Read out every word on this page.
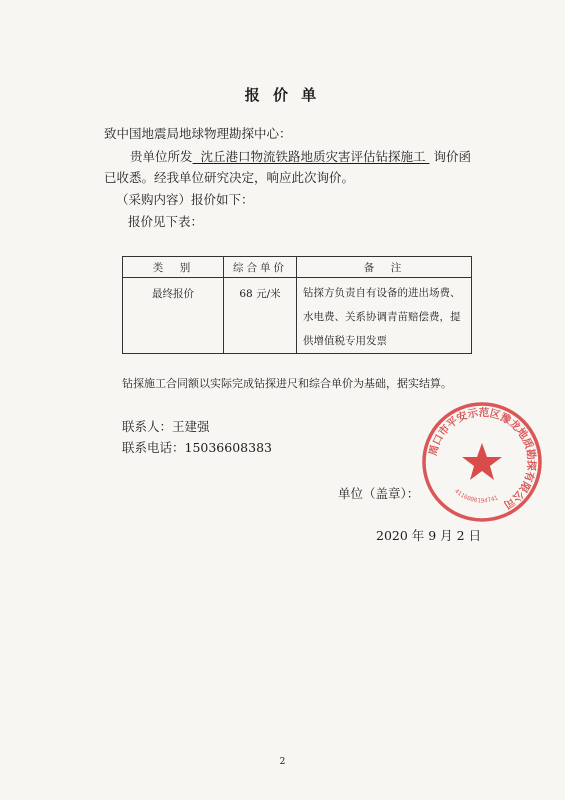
报 价 单
致中国地震局地球物理勘探中心：
贵单位所发 沈丘港口物流铁路地质灾害评估钻探施工 询价函
已收悉。经我单位研究决定，响应此次询价。
（采购内容）报价如下：
报价见下表：
类　别	综合单价	备　注
最终报价	68 元/米	钻探方负责自有设备的进出场费、水电费、关系协调青苗赔偿费，提供增值税专用发票
钻探施工合同额以实际完成钻探进尺和综合单价为基础，据实结算。
联系人：王建强
联系电话：15036608383	周口市平安示范区豫龙地质勘探有限公司
4116000194741
单位（盖章）：
2020 年 9 月 2 日
2
